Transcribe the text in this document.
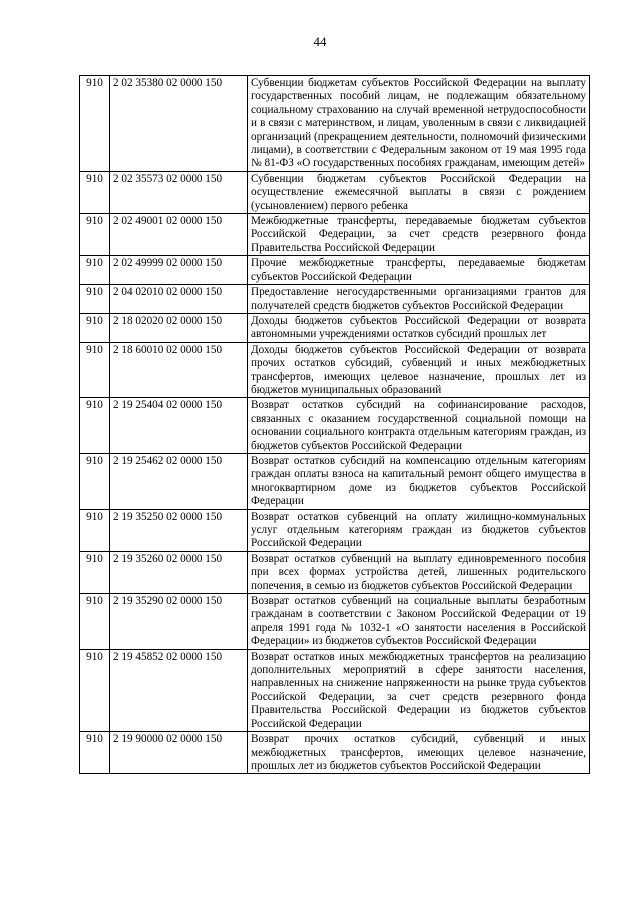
44
910	2 02 35380 02 0000 150	Субвенции бюджетам субъектов Российской Федерации на выплату государственных пособий лицам, не подлежащим обязательному социальному страхованию на случай временной нетрудоспособности и в связи с материнством, и лицам, уволенным в связи с ликвидацией организаций (прекращением деятельности, полномочий физическими лицами), в соответствии с Федеральным законом от 19 мая 1995 года № 81-ФЗ «О государственных пособиях гражданам, имеющим детей»
910	2 02 35573 02 0000 150	Субвенции бюджетам субъектов Российской Федерации на осуществление ежемесячной выплаты в связи с рождением (усыновлением) первого ребенка
910	2 02 49001 02 0000 150	Межбюджетные трансферты, передаваемые бюджетам субъектов Российской Федерации, за счет средств резервного фонда Правительства Российской Федерации
910	2 02 49999 02 0000 150	Прочие межбюджетные трансферты, передаваемые бюджетам субъектов Российской Федерации
910	2 04 02010 02 0000 150	Предоставление негосударственными организациями грантов для получателей средств бюджетов субъектов Российской Федерации
910	2 18 02020 02 0000 150	Доходы бюджетов субъектов Российской Федерации от возврата автономными учреждениями остатков субсидий прошлых лет
910	2 18 60010 02 0000 150	Доходы бюджетов субъектов Российской Федерации от возврата прочих остатков субсидий, субвенций и иных межбюджетных трансфертов, имеющих целевое назначение, прошлых лет из бюджетов муниципальных образований
910	2 19 25404 02 0000 150	Возврат остатков субсидий на софинансирование расходов, связанных с оказанием государственной социальной помощи на основании социального контракта отдельным категориям граждан, из бюджетов субъектов Российской Федерации
910	2 19 25462 02 0000 150	Возврат остатков субсидий на компенсацию отдельным категориям граждан оплаты взноса на капитальный ремонт общего имущества в многоквартирном доме из бюджетов субъектов Российской Федерации
910	2 19 35250 02 0000 150	Возврат остатков субвенций на оплату жилищно-коммунальных услуг отдельным категориям граждан из бюджетов субъектов Российской Федерации
910	2 19 35260 02 0000 150	Возврат остатков субвенций на выплату единовременного пособия при всех формах устройства детей, лишенных родительского попечения, в семью из бюджетов субъектов Российской Федерации
910	2 19 35290 02 0000 150	Возврат остатков субвенций на социальные выплаты безработным гражданам в соответствии с Законом Российской Федерации от 19 апреля 1991 года № 1032-1 «О занятости населения в Российской Федерации» из бюджетов субъектов Российской Федерации
910	2 19 45852 02 0000 150	Возврат остатков иных межбюджетных трансфертов на реализацию дополнительных мероприятий в сфере занятости населения, направленных на снижение напряженности на рынке труда субъектов Российской Федерации, за счет средств резервного фонда Правительства Российской Федерации из бюджетов субъектов Российской Федерации
910	2 19 90000 02 0000 150	Возврат прочих остатков субсидий, субвенций и иных межбюджетных трансфертов, имеющих целевое назначение, прошлых лет из бюджетов субъектов Российской Федерации
